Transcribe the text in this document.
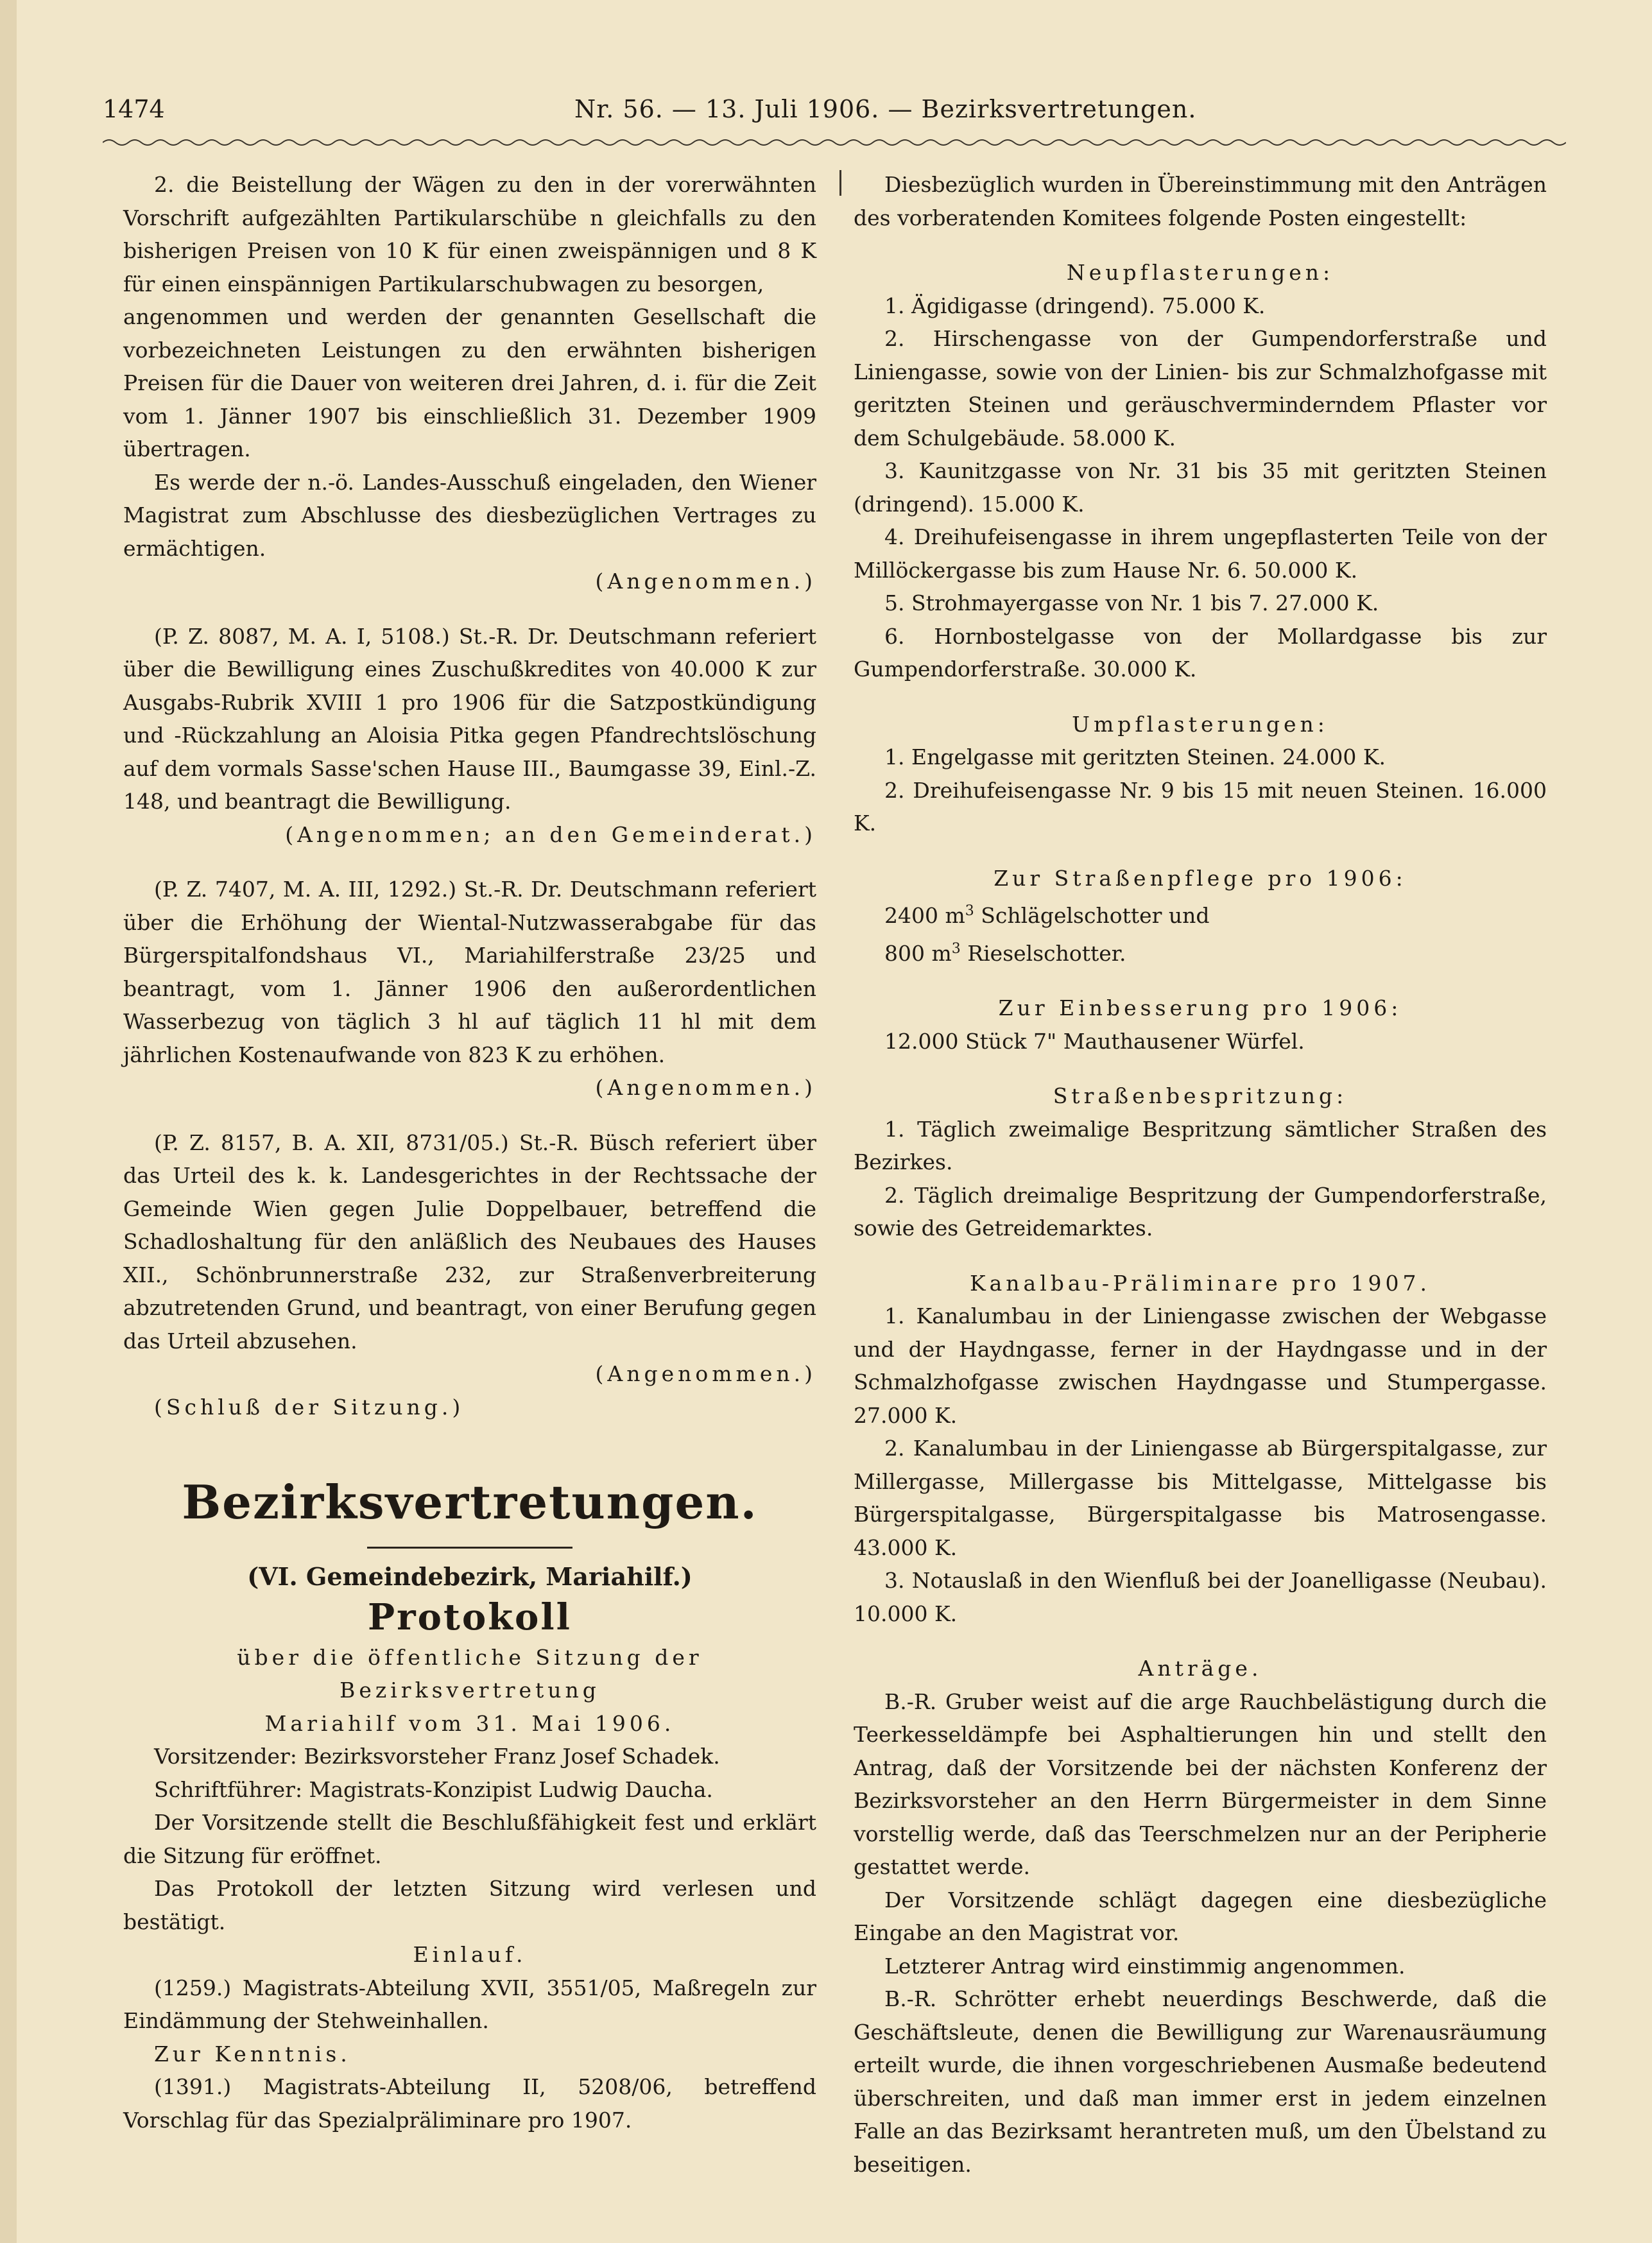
1474	Nr. 56. — 13. Juli 1906. — Bezirksvertretungen.

2. die Beistellung der Wägen zu den in der vorerwähnten Vorschrift aufgezählten Partikularschübe n gleichfalls zu den bisherigen Preisen von 10 K für einen zweispännigen und 8 K für einen einspännigen Partikularschubwagen zu besorgen,

angenommen und werden der genannten Gesellschaft die vorbezeichneten Leistungen zu den erwähnten bisherigen Preisen für die Dauer von weiteren drei Jahren, d. i. für die Zeit vom 1. Jänner 1907 bis einschließlich 31. Dezember 1909 übertragen.

Es werde der n.-ö. Landes-Ausschuß eingeladen, den Wiener Magistrat zum Abschlusse des diesbezüglichen Vertrages zu ermächtigen.

(Angenommen.)

(P. Z. 8087, M. A. I, 5108.) St.-R. Dr. Deutschmann referiert über die Bewilligung eines Zuschußkredites von 40.000 K zur Ausgabs-Rubrik XVIII 1 pro 1906 für die Satzpostkündigung und -Rückzahlung an Aloisia Pitka gegen Pfandrechtslöschung auf dem vormals Sasse'schen Hause III., Baumgasse 39, Einl.-Z. 148, und beantragt die Bewilligung.

(Angenommen; an den Gemeinderat.)

(P. Z. 7407, M. A. III, 1292.) St.-R. Dr. Deutschmann referiert über die Erhöhung der Wiental-Nutzwasserabgabe für das Bürgerspitalfondshaus VI., Mariahilferstraße 23/25 und beantragt, vom 1. Jänner 1906 den außerordentlichen Wasserbezug von täglich 3 hl auf täglich 11 hl mit dem jährlichen Kostenaufwande von 823 K zu erhöhen.

(Angenommen.)

(P. Z. 8157, B. A. XII, 8731/05.) St.-R. Büsch referiert über das Urteil des k. k. Landesgerichtes in der Rechtssache der Gemeinde Wien gegen Julie Doppelbauer, betreffend die Schadloshaltung für den anläßlich des Neubaues des Hauses XII., Schönbrunnerstraße 232, zur Straßenverbreiterung abzutretenden Grund, und beantragt, von einer Berufung gegen das Urteil abzusehen.

(Angenommen.)

(Schluß der Sitzung.)

Bezirksvertretungen.

(VI. Gemeindebezirk, Mariahilf.)

Protokoll

über die öffentliche Sitzung der Bezirksvertretung

Mariahilf vom 31. Mai 1906.

Vorsitzender: Bezirksvorsteher Franz Josef Schadek.

Schriftführer: Magistrats-Konzipist Ludwig Daucha.

Der Vorsitzende stellt die Beschlußfähigkeit fest und erklärt die Sitzung für eröffnet.

Das Protokoll der letzten Sitzung wird verlesen und bestätigt.

Einlauf.

(1259.) Magistrats-Abteilung XVII, 3551/05, Maßregeln zur Eindämmung der Stehweinhallen.

Zur Kenntnis.

(1391.) Magistrats-Abteilung II, 5208/06, betreffend Vorschlag für das Spezialpräliminare pro 1907.

Diesbezüglich wurden in Übereinstimmung mit den Anträgen des vorberatenden Komitees folgende Posten eingestellt:

Neupflasterungen:

1. Ägidigasse (dringend). 75.000 K.

2. Hirschengasse von der Gumpendorferstraße und Liniengasse, sowie von der Linien- bis zur Schmalzhofgasse mit geritzten Steinen und geräuschverminderndem Pflaster vor dem Schulgebäude. 58.000 K.

3. Kaunitzgasse von Nr. 31 bis 35 mit geritzten Steinen (dringend). 15.000 K.

4. Dreihufeisengasse in ihrem ungepflasterten Teile von der Millöckergasse bis zum Hause Nr. 6. 50.000 K.

5. Strohmayergasse von Nr. 1 bis 7. 27.000 K.

6. Hornbostelgasse von der Mollardgasse bis zur Gumpendorferstraße. 30.000 K.

Umpflasterungen:

1. Engelgasse mit geritzten Steinen. 24.000 K.

2. Dreihufeisengasse Nr. 9 bis 15 mit neuen Steinen. 16.000 K.

Zur Straßenpflege pro 1906:

2400 $m^3$ Schlägelschotter und

800 $m^3$ Rieselschotter.

Zur Einbesserung pro 1906:

12.000 Stück 7" Mauthausener Würfel.

Straßenbespritzung:

1. Täglich zweimalige Bespritzung sämtlicher Straßen des Bezirkes.

2. Täglich dreimalige Bespritzung der Gumpendorferstraße, sowie des Getreidemarktes.

Kanalbau-Präliminare pro 1907.

1. Kanalumbau in der Liniengasse zwischen der Webgasse und der Haydngasse, ferner in der Haydngasse und in der Schmalzhofgasse zwischen Haydngasse und Stumpergasse. 27.000 K.

2. Kanalumbau in der Liniengasse ab Bürgerspitalgasse, zur Millergasse, Millergasse bis Mittelgasse, Mittelgasse bis Bürgerspitalgasse, Bürgerspitalgasse bis Matrosengasse. 43.000 K.

3. Notauslaß in den Wienfluß bei der Joanelligasse (Neubau). 10.000 K.

Anträge.

B.-R. Gruber weist auf die arge Rauchbelästigung durch die Teerkesseldämpfe bei Asphaltierungen hin und stellt den Antrag, daß der Vorsitzende bei der nächsten Konferenz der Bezirksvorsteher an den Herrn Bürgermeister in dem Sinne vorstellig werde, daß das Teerschmelzen nur an der Peripherie gestattet werde.

Der Vorsitzende schlägt dagegen eine diesbezügliche Eingabe an den Magistrat vor.

Letzterer Antrag wird einstimmig angenommen.

B.-R. Schrötter erhebt neuerdings Beschwerde, daß die Geschäftsleute, denen die Bewilligung zur Warenausräumung erteilt wurde, die ihnen vorgeschriebenen Ausmaße bedeutend überschreiten, und daß man immer erst in jedem einzelnen Falle an das Bezirksamt herantreten muß, um den Übelstand zu beseitigen.
